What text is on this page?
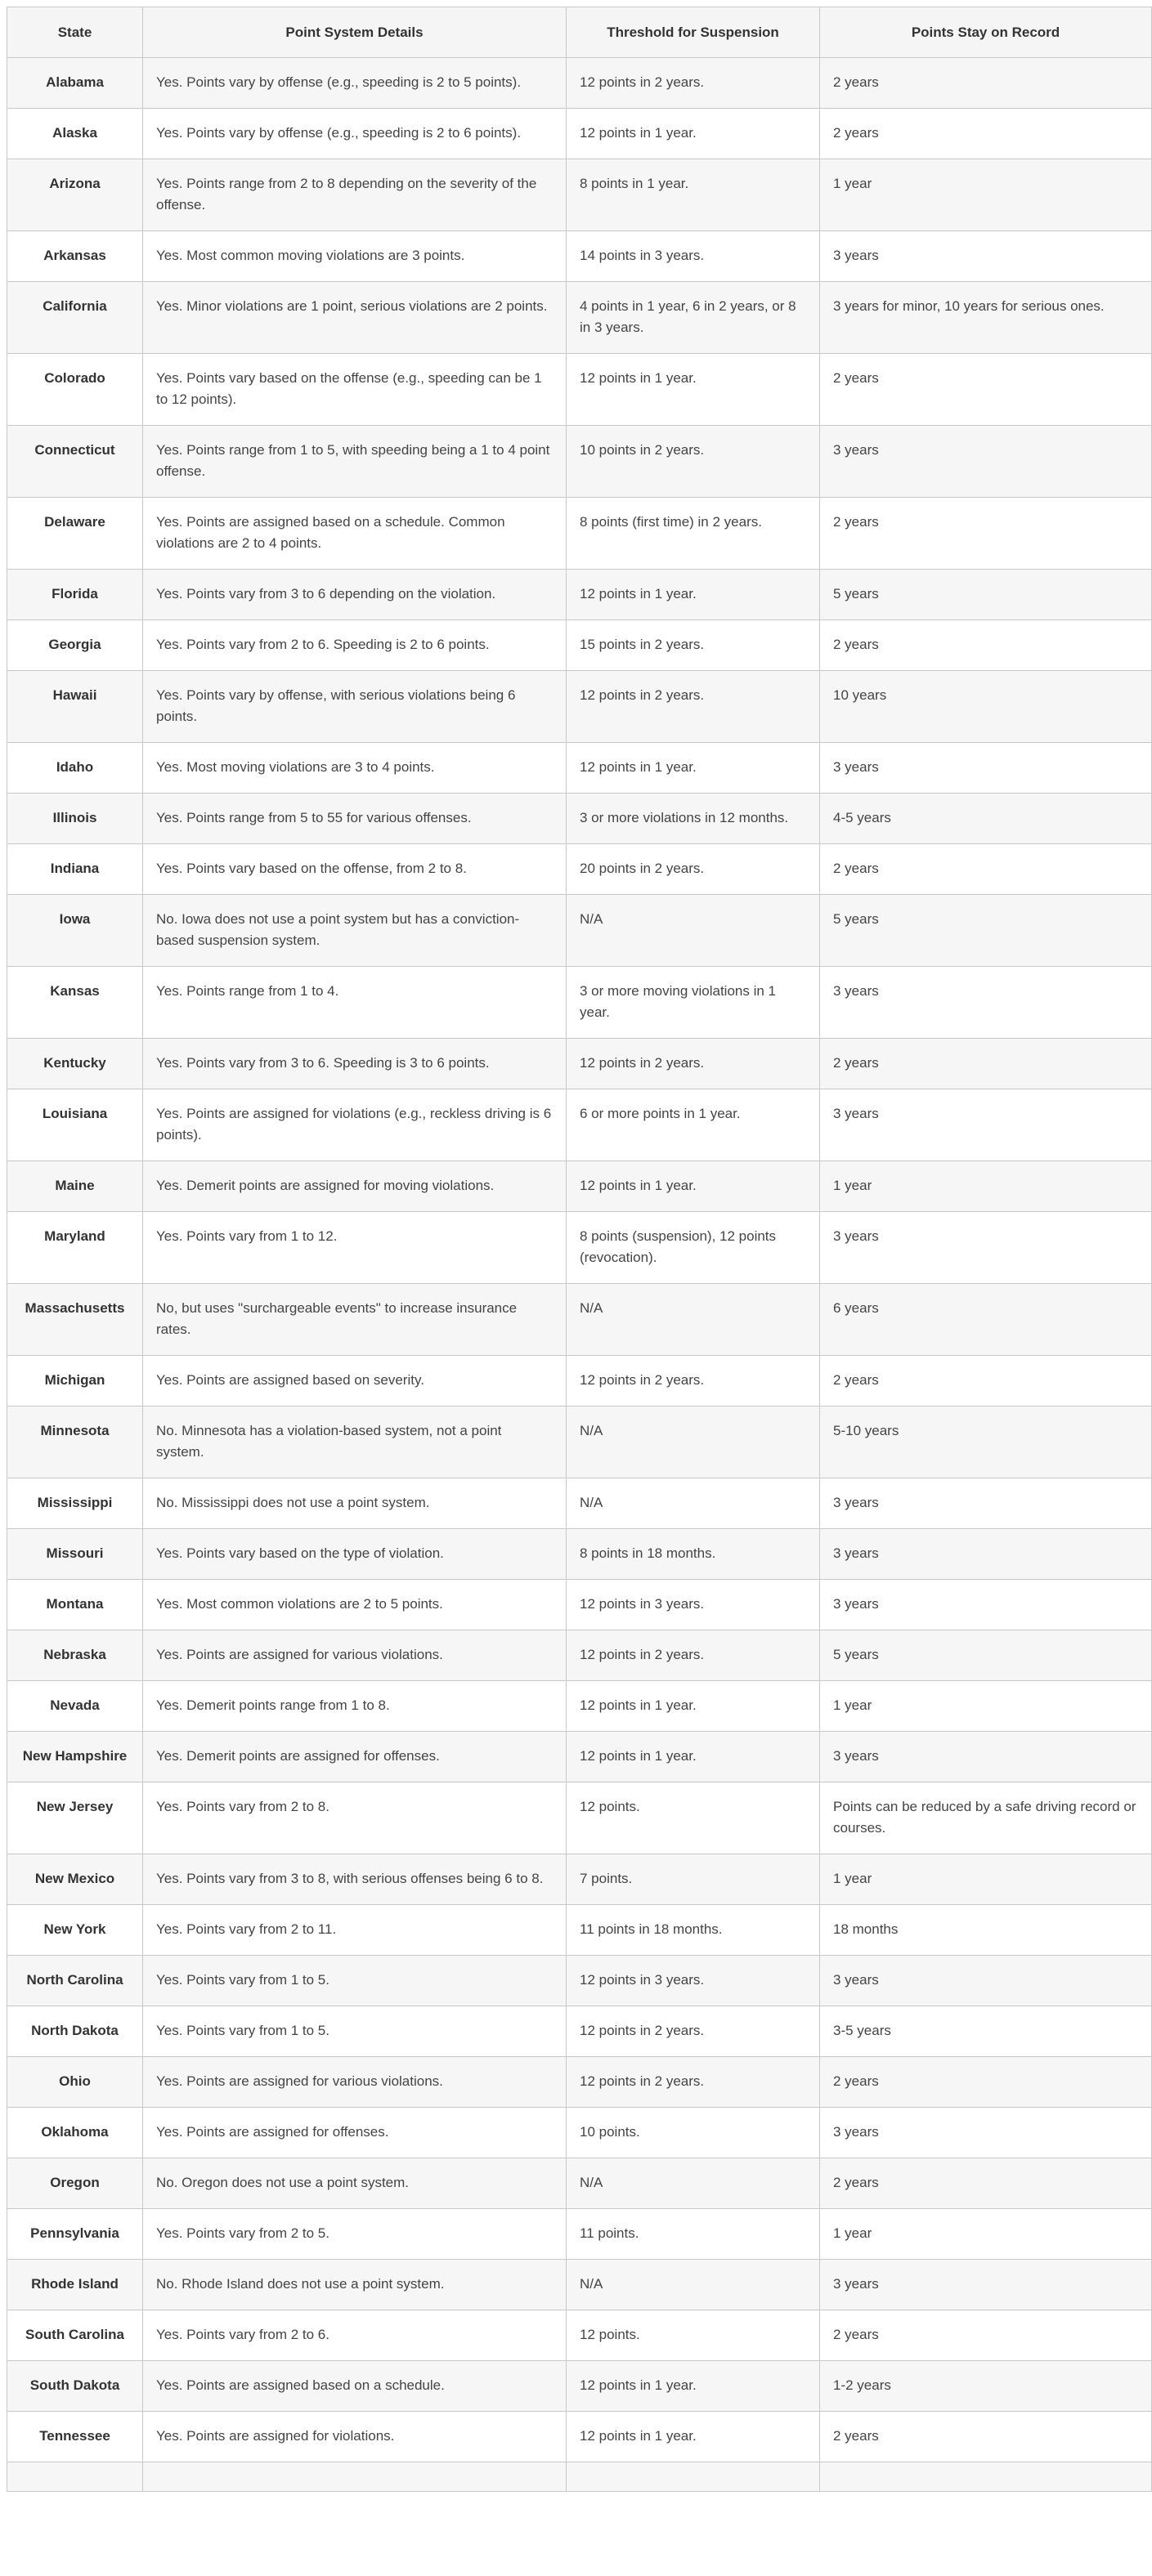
State	Point System Details	Threshold for Suspension	Points Stay on Record
Alabama	Yes. Points vary by offense (e.g., speeding is 2 to 5 points).	12 points in 2 years.	2 years
Alaska	Yes. Points vary by offense (e.g., speeding is 2 to 6 points).	12 points in 1 year.	2 years
Arizona	Yes. Points range from 2 to 8 depending on the severity of the offense.	8 points in 1 year.	1 year
Arkansas	Yes. Most common moving violations are 3 points.	14 points in 3 years.	3 years
California	Yes. Minor violations are 1 point, serious violations are 2 points.	4 points in 1 year, 6 in 2 years, or 8 in 3 years.	3 years for minor, 10 years for serious ones.
Colorado	Yes. Points vary based on the offense (e.g., speeding can be 1 to 12 points).	12 points in 1 year.	2 years
Connecticut	Yes. Points range from 1 to 5, with speeding being a 1 to 4 point offense.	10 points in 2 years.	3 years
Delaware	Yes. Points are assigned based on a schedule. Common violations are 2 to 4 points.	8 points (first time) in 2 years.	2 years
Florida	Yes. Points vary from 3 to 6 depending on the violation.	12 points in 1 year.	5 years
Georgia	Yes. Points vary from 2 to 6. Speeding is 2 to 6 points.	15 points in 2 years.	2 years
Hawaii	Yes. Points vary by offense, with serious violations being 6 points.	12 points in 2 years.	10 years
Idaho	Yes. Most moving violations are 3 to 4 points.	12 points in 1 year.	3 years
Illinois	Yes. Points range from 5 to 55 for various offenses.	3 or more violations in 12 months.	4-5 years
Indiana	Yes. Points vary based on the offense, from 2 to 8.	20 points in 2 years.	2 years
Iowa	No. Iowa does not use a point system but has a conviction-based suspension system.	N/A	5 years
Kansas	Yes. Points range from 1 to 4.	3 or more moving violations in 1 year.	3 years
Kentucky	Yes. Points vary from 3 to 6. Speeding is 3 to 6 points.	12 points in 2 years.	2 years
Louisiana	Yes. Points are assigned for violations (e.g., reckless driving is 6 points).	6 or more points in 1 year.	3 years
Maine	Yes. Demerit points are assigned for moving violations.	12 points in 1 year.	1 year
Maryland	Yes. Points vary from 1 to 12.	8 points (suspension), 12 points (revocation).	3 years
Massachusetts	No, but uses "surchargeable events" to increase insurance rates.	N/A	6 years
Michigan	Yes. Points are assigned based on severity.	12 points in 2 years.	2 years
Minnesota	No. Minnesota has a violation-based system, not a point system.	N/A	5-10 years
Mississippi	No. Mississippi does not use a point system.	N/A	3 years
Missouri	Yes. Points vary based on the type of violation.	8 points in 18 months.	3 years
Montana	Yes. Most common violations are 2 to 5 points.	12 points in 3 years.	3 years
Nebraska	Yes. Points are assigned for various violations.	12 points in 2 years.	5 years
Nevada	Yes. Demerit points range from 1 to 8.	12 points in 1 year.	1 year
New Hampshire	Yes. Demerit points are assigned for offenses.	12 points in 1 year.	3 years
New Jersey	Yes. Points vary from 2 to 8.	12 points.	Points can be reduced by a safe driving record or courses.
New Mexico	Yes. Points vary from 3 to 8, with serious offenses being 6 to 8.	7 points.	1 year
New York	Yes. Points vary from 2 to 11.	11 points in 18 months.	18 months
North Carolina	Yes. Points vary from 1 to 5.	12 points in 3 years.	3 years
North Dakota	Yes. Points vary from 1 to 5.	12 points in 2 years.	3-5 years
Ohio	Yes. Points are assigned for various violations.	12 points in 2 years.	2 years
Oklahoma	Yes. Points are assigned for offenses.	10 points.	3 years
Oregon	No. Oregon does not use a point system.	N/A	2 years
Pennsylvania	Yes. Points vary from 2 to 5.	11 points.	1 year
Rhode Island	No. Rhode Island does not use a point system.	N/A	3 years
South Carolina	Yes. Points vary from 2 to 6.	12 points.	2 years
South Dakota	Yes. Points are assigned based on a schedule.	12 points in 1 year.	1-2 years
Tennessee	Yes. Points are assigned for violations.	12 points in 1 year.	2 years
